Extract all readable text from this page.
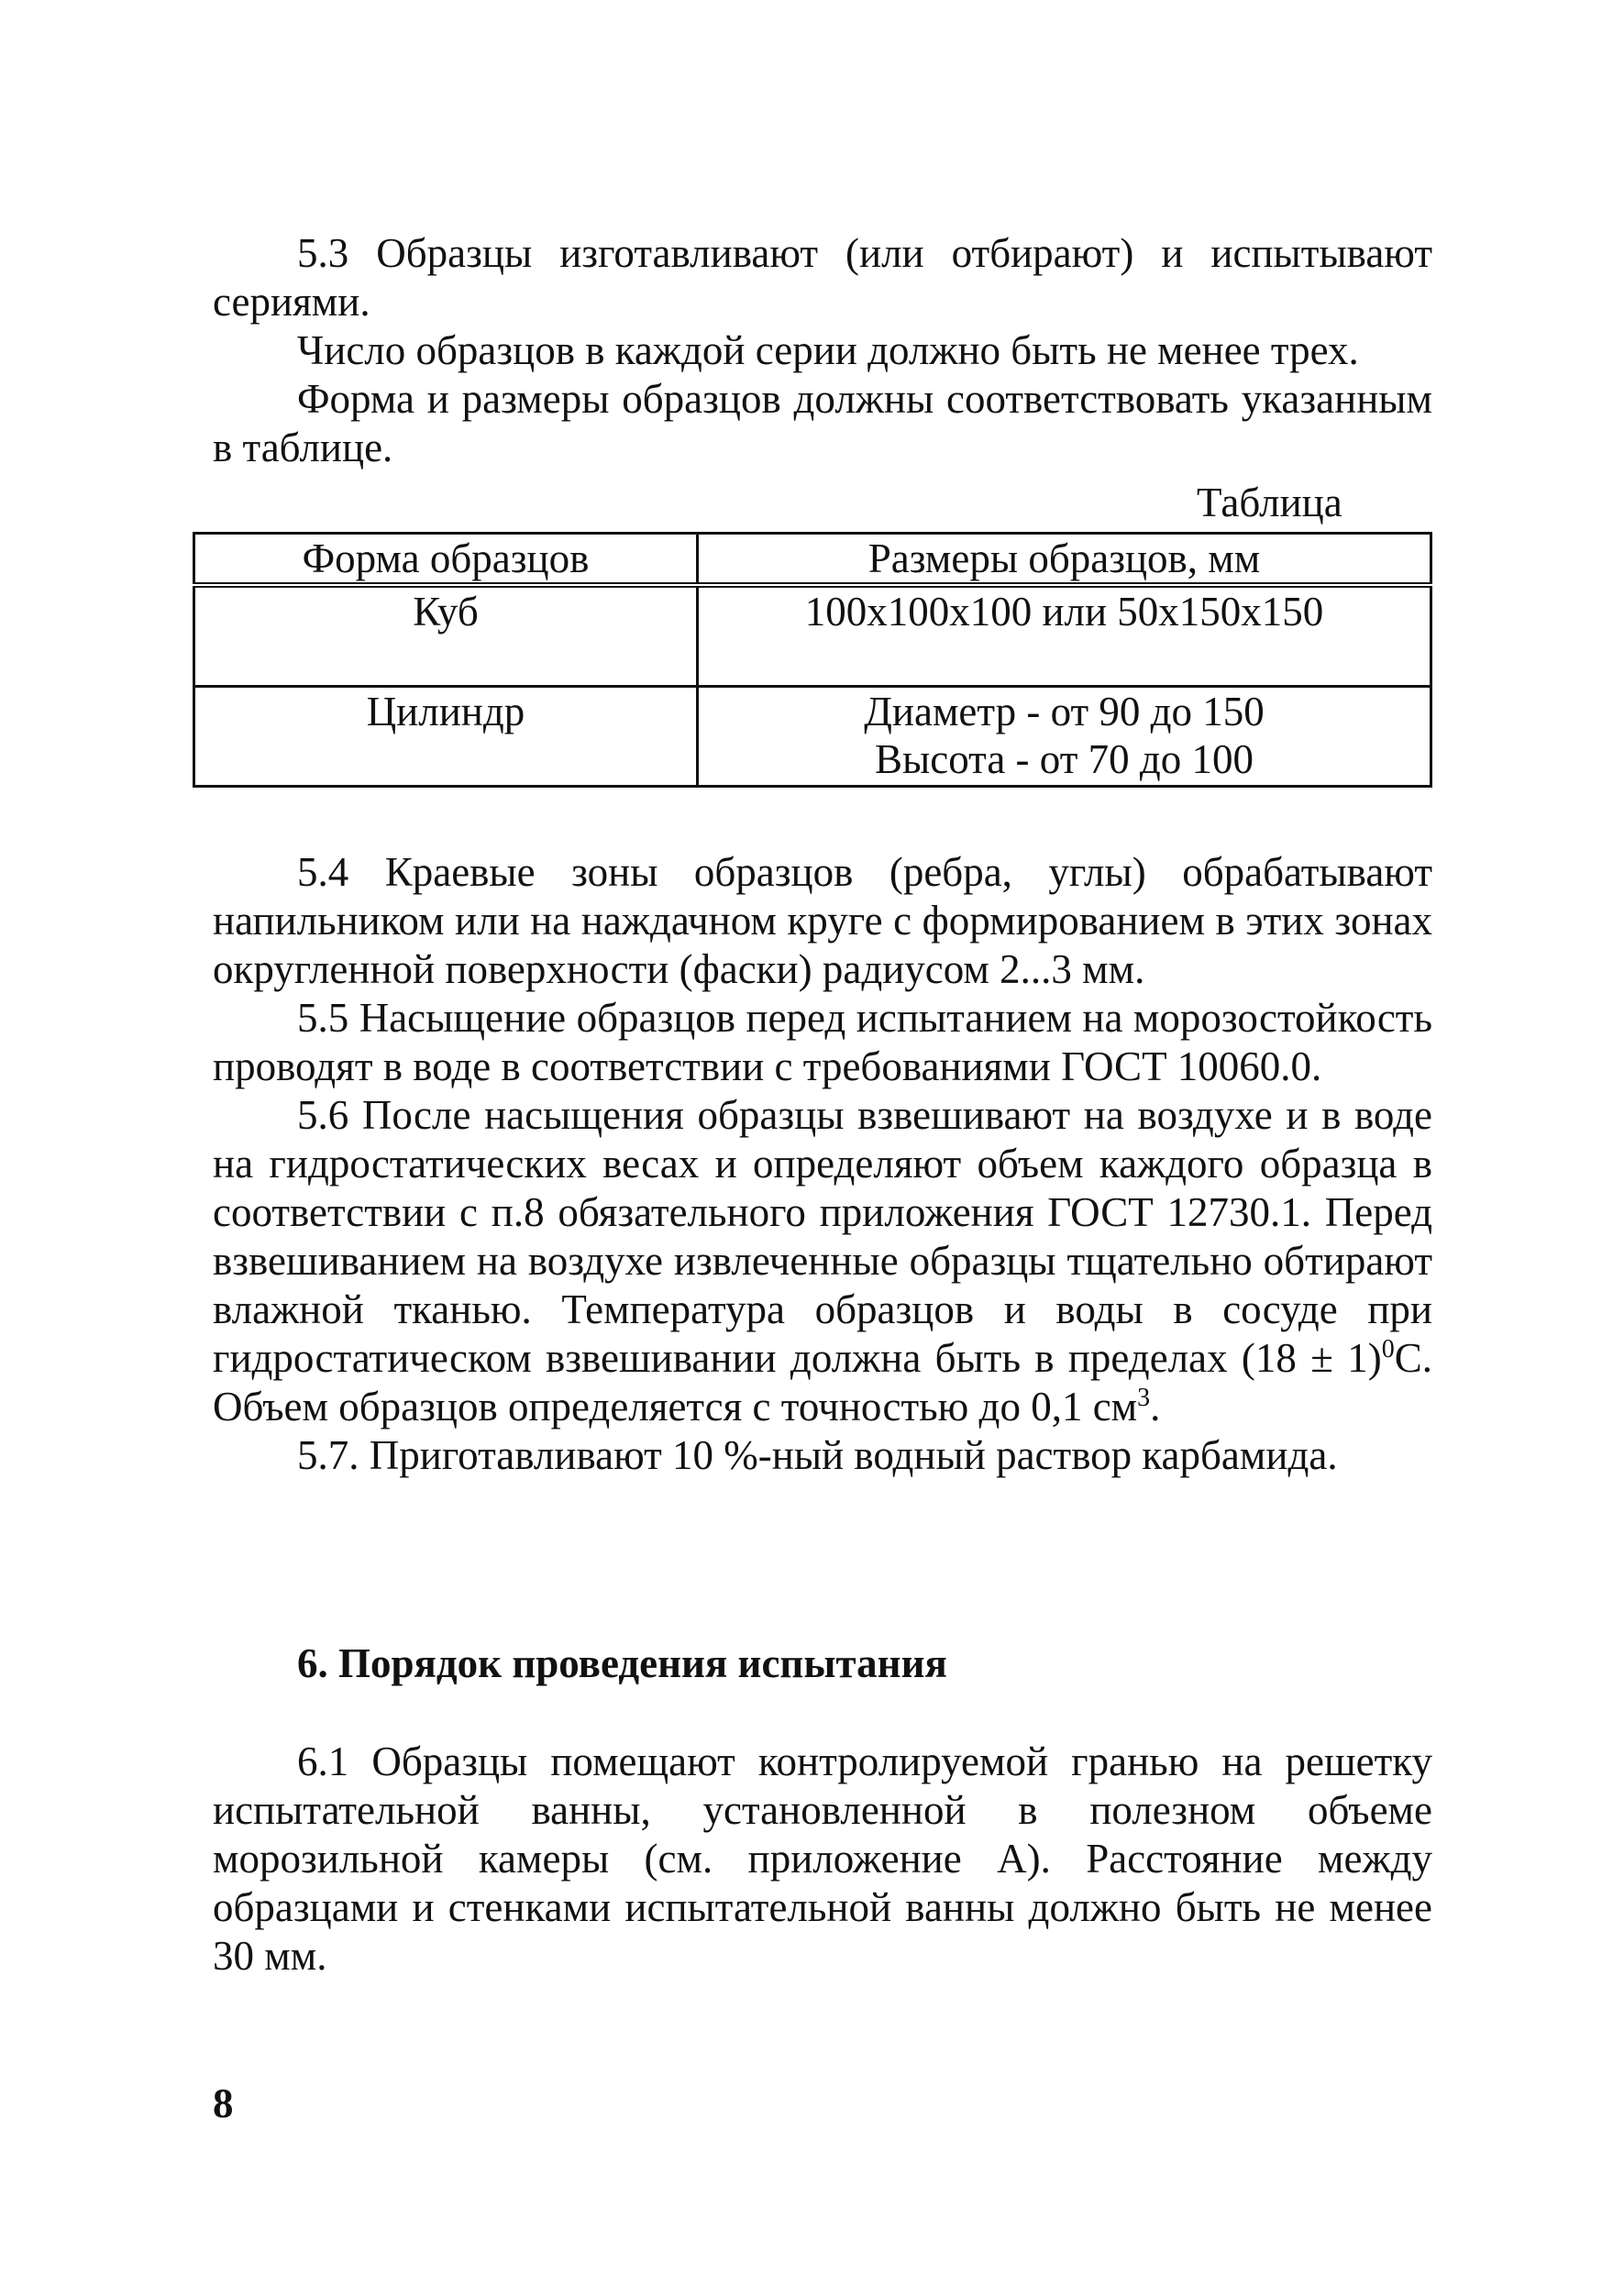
5.3 Образцы изготавливают (или отбирают) и испытывают сериями.

Число образцов в каждой серии должно быть не менее трех.

Форма и размеры образцов должны соответствовать указанным в таблице.

Таблица
Форма образцов	Размеры образцов, мм
Куб	100x100x100 или 50x150x150

Цилиндр	Диаметр - от 90 до 150
Высота - от 70 до 100

5.4 Краевые зоны образцов (ребра, углы) обрабатывают напильником или на наждачном круге с формированием в этих зонах округленной поверхности (фаски) радиусом 2...3 мм.

5.5 Насыщение образцов перед испытанием на морозостойкость проводят в воде в соответствии с требованиями ГОСТ 10060.0.

5.6 После насыщения образцы взвешивают на воздухе и в воде на гидростатических весах и определяют объем каждого образца в соответствии с п.8 обязательного приложения ГОСТ 12730.1. Перед взвешиванием на воздухе извлеченные образцы тщательно обтирают влажной тканью. Температура образцов и воды в сосуде при гидростатическом взвешивании должна быть в пределах $(18 \pm 1)^0С$. Объем образцов определяется с точностью до 0,1 $см^3$.

5.7. Приготавливают 10 %-ный водный раствор карбамида.

6. Порядок проведения испытания

6.1 Образцы помещают контролируемой гранью на решетку испытательной ванны, установленной в полезном объеме морозильной камеры (см. приложение А). Расстояние между образцами и стенками испытательной ванны должно быть не менее 30 мм.

8
